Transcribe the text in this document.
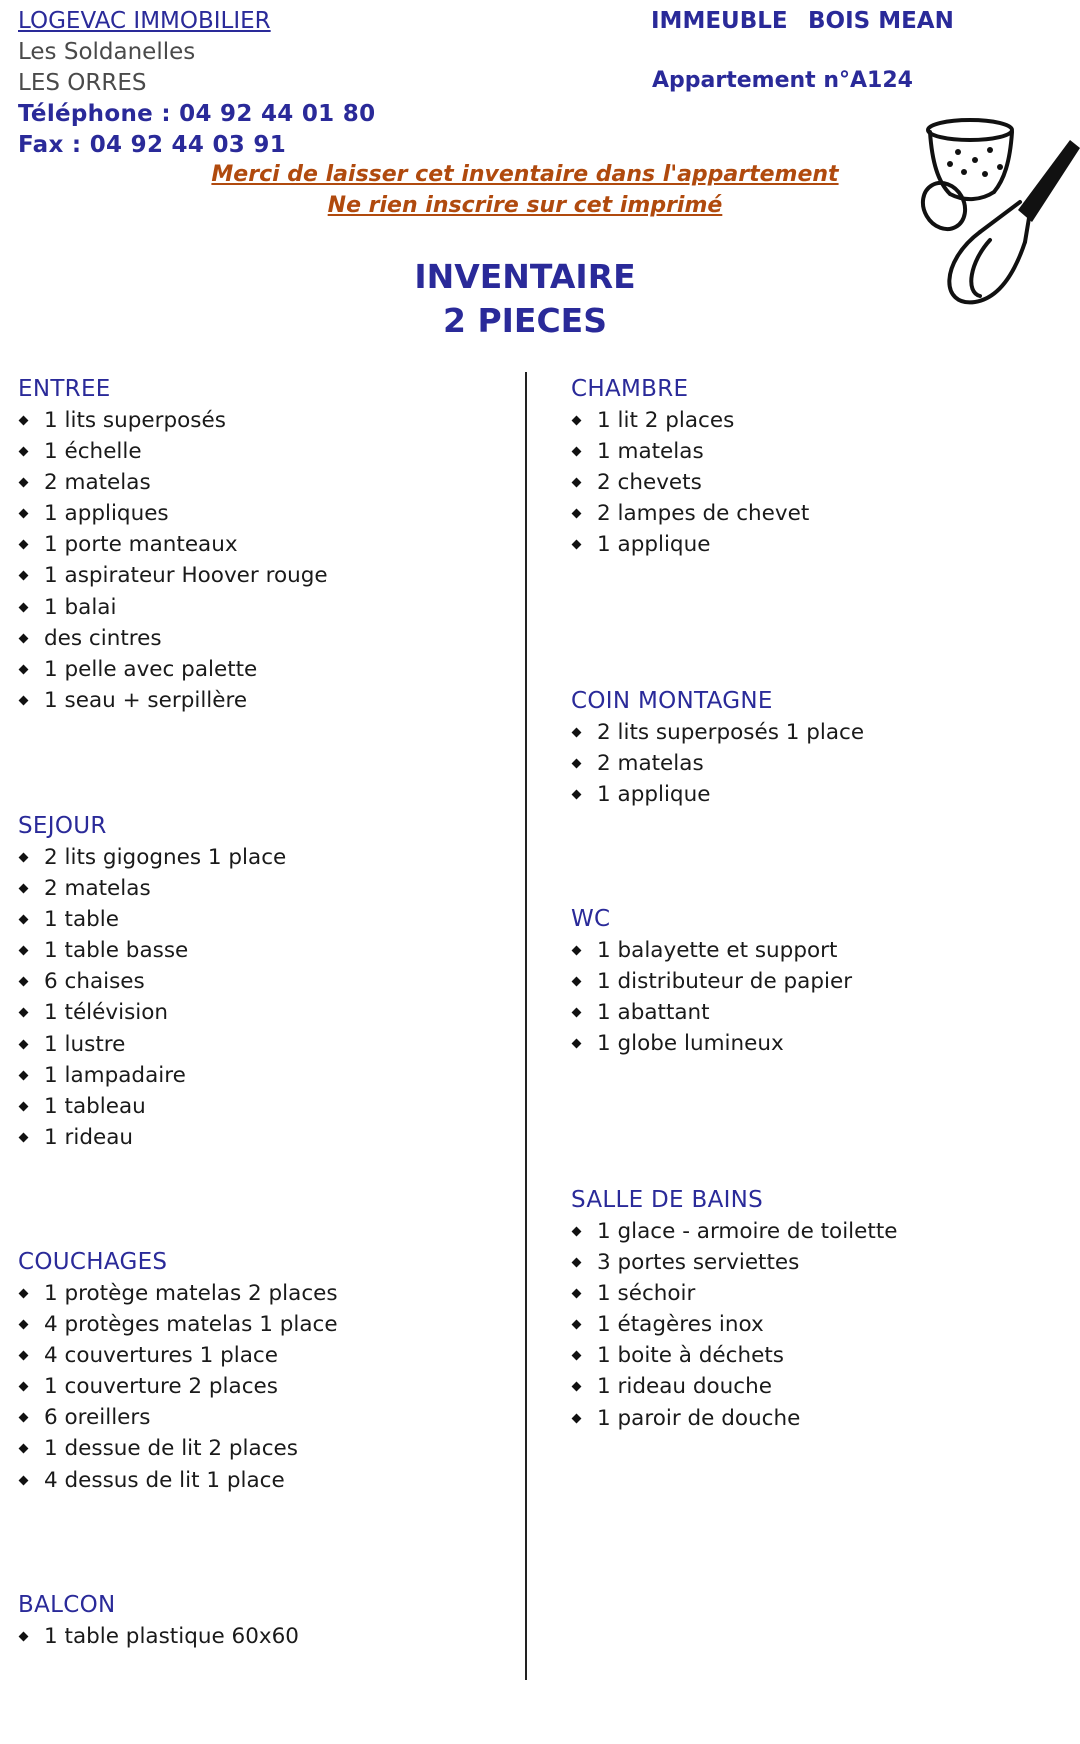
LOGEVAC IMMOBILIER
Les Soldanelles
LES ORRES
Téléphone : 04 92 44 01 80
Fax : 04 92 44 03 91
IMMEUBLE BOIS MEAN
Appartement n°A124
Merci de laisser cet inventaire dans l'appartement
Ne rien inscrire sur cet imprimé
INVENTAIRE
2 PIECES
ENTREE
1 lits superposés
1 échelle
2 matelas
1 appliques
1 porte manteaux
1 aspirateur Hoover rouge
1 balai
des cintres
1 pelle avec palette
1 seau + serpillère
SEJOUR
2 lits gigognes 1 place
2 matelas
1 table
1 table basse
6 chaises
1 télévision
1 lustre
1 lampadaire
1 tableau
1 rideau
COUCHAGES
1 protège matelas 2 places
4 protèges matelas 1 place
4 couvertures 1 place
1 couverture 2 places
6 oreillers
1 dessue de lit 2 places
4 dessus de lit 1 place
BALCON
1 table plastique 60x60
CHAMBRE
1 lit 2 places
1 matelas
2 chevets
2 lampes de chevet
1 applique
COIN MONTAGNE
2 lits superposés 1 place
2 matelas
1 applique
WC
1 balayette et support
1 distributeur de papier
1 abattant
1 globe lumineux
SALLE DE BAINS
1 glace - armoire de toilette
3 portes serviettes
1 séchoir
1 étagères inox
1 boite à déchets
1 rideau douche
1 paroir de douche
